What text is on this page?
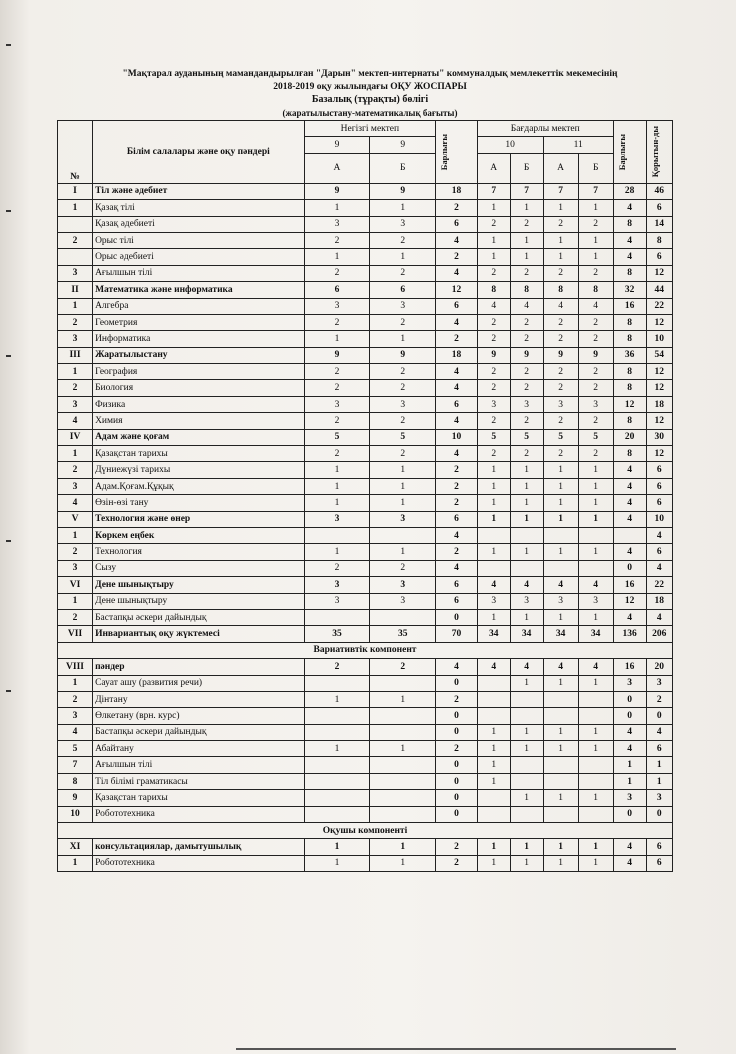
"Мақтарал ауданының мамандандырылған "Дарын" мектеп-интернаты" коммуналдық мемлекеттік мекемесінің
2018-2019 оқу жылындағы ОҚУ ЖОСПАРЫ
Базалық (тұрақты) бөлігі
(жаратылыстану-математикалық бағыты)
№	Білім салалары және оқу пәндері	Негізгі мектеп		Барлығы	Бағдарлы мектеп				Барлығы	Қорытын-ды

		9	9		10		11			
		А	Б		А	Б	А	Б		
I	Тіл және әдебиет	9	9	18	7	7	7	7	28	46
1	Қазақ тілі	1	1	2	1	1	1	1	4	6
	Қазақ әдебиеті	3	3	6	2	2	2	2	8	14
2	Орыс тілі	2	2	4	1	1	1	1	4	8
	Орыс әдебиеті	1	1	2	1	1	1	1	4	6
3	Ағылшын тілі	2	2	4	2	2	2	2	8	12
II	Математика және информатика	6	6	12	8	8	8	8	32	44
1	Алгебра	3	3	6	4	4	4	4	16	22
2	Геометрия	2	2	4	2	2	2	2	8	12
3	Информатика	1	1	2	2	2	2	2	8	10
III	Жаратылыстану	9	9	18	9	9	9	9	36	54
1	География	2	2	4	2	2	2	2	8	12
2	Биология	2	2	4	2	2	2	2	8	12
3	Физика	3	3	6	3	3	3	3	12	18
4	Химия	2	2	4	2	2	2	2	8	12
IV	Адам және қоғам	5	5	10	5	5	5	5	20	30
1	Қазақстан тарихы	2	2	4	2	2	2	2	8	12
2	Дүниежүзі тарихы	1	1	2	1	1	1	1	4	6
3	Адам.Қоғам.Құқық	1	1	2	1	1	1	1	4	6
4	Өзін-өзі тану	1	1	2	1	1	1	1	4	6
V	Технология және өнер	3	3	6	1	1	1	1	4	10
1	Көркем еңбек			4						4
2	Технология	1	1	2	1	1	1	1	4	6
3	Сызу	2	2	4					0	4
VI	Дене шынықтыру	3	3	6	4	4	4	4	16	22
1	Дене шынықтыру	3	3	6	3	3	3	3	12	18
2	Бастапқы әскери дайындық			0	1	1	1	1	4	4
VII	Инвариантық оқу жүктемесі	35	35	70	34	34	34	34	136	206
Вариативтік компонент										
VIII	пәндер	2	2	4	4	4	4	4	16	20
1	Сауат ашу (развития речи)			0		1	1	1	3	3
2	Дінтану	1	1	2					0	2
3	Өлкетану (врн. курс)			0					0	0
4	Бастапқы әскери дайындық			0	1	1	1	1	4	4
5	Абайтану	1	1	2	1	1	1	1	4	6
7	Ағылшын тілі			0	1				1	1
8	Тіл білімі граматикасы			0	1				1	1
9	Қазақстан тарихы			0		1	1	1	3	3
10	Робототехника			0					0	0
Оқушы компоненті										
XI	консультациялар, дамытушылық	1	1	2	1	1	1	1	4	6
1	Робототехника	1	1	2	1	1	1	1	4	6
